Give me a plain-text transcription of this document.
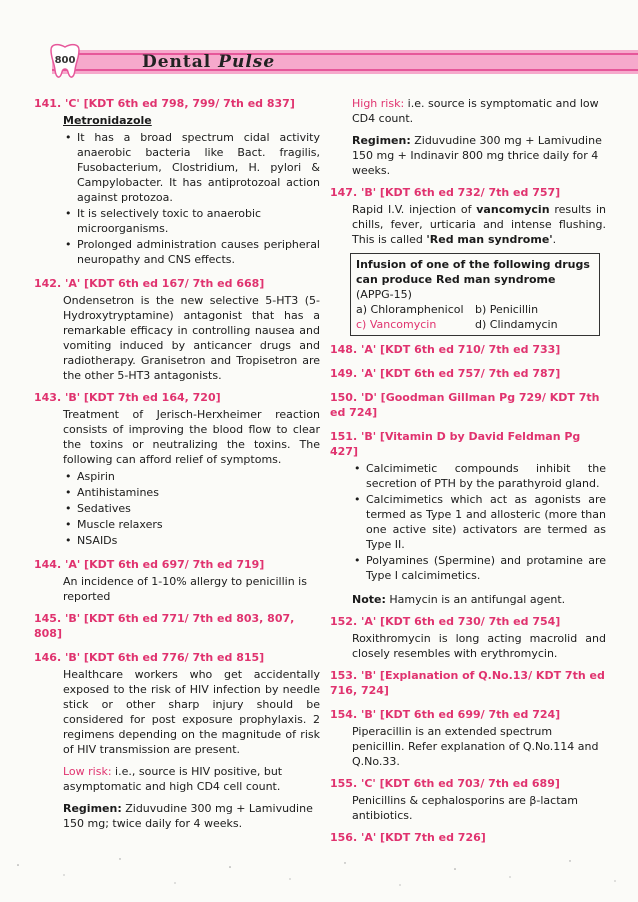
800	Dental Pulse
141. 'C' [KDT 6th ed 798, 799/ 7th ed 837]

Metronidazole

• It has a broad spectrum cidal activity anaerobic bacteria like Bact. fragilis, Fusobacterium, Clostridium, H. pylori & Campylobacter. It has antiprotozoal action against protozoa.
• It is selectively toxic to anaerobic microorganisms.
• Prolonged administration causes peripheral neuropathy and CNS effects.
142. 'A' [KDT 6th ed 167/ 7th ed 668]

Ondensetron is the new selective 5-HT3 (5-Hydroxytryptamine) antagonist that has a remarkable efficacy in controlling nausea and vomiting induced by anticancer drugs and radiotherapy. Granisetron and Tropisetron are the other 5-HT3 antagonists.

143. 'B' [KDT 7th ed 164, 720]

Treatment of Jerisch-Herxheimer reaction consists of improving the blood flow to clear the toxins or neutralizing the toxins. The following can afford relief of symptoms.

• Aspirin
• Antihistamines
• Sedatives
• Muscle relaxers
• NSAIDs
144. 'A' [KDT 6th ed 697/ 7th ed 719]

An incidence of 1-10% allergy to penicillin is reported

145. 'B' [KDT 6th ed 771/ 7th ed 803, 807, 808]
146. 'B' [KDT 6th ed 776/ 7th ed 815]

Healthcare workers who get accidentally exposed to the risk of HIV infection by needle stick or other sharp injury should be considered for post exposure prophylaxis. 2 regimens depending on the magnitude of risk of HIV transmission are present.

Low risk: i.e., source is HIV positive, but asymptomatic and high CD4 cell count.

Regimen: Ziduvudine 300 mg + Lamivudine 150 mg; twice daily for 4 weeks.

High risk: i.e. source is symptomatic and low CD4 count.

Regimen: Ziduvudine 300 mg + Lamivudine 150 mg + Indinavir 800 mg thrice daily for 4 weeks.

147. 'B' [KDT 6th ed 732/ 7th ed 757]

Rapid I.V. injection of vancomycin results in chills, fever, urticaria and intense flushing. This is called 'Red man syndrome'.

Infusion of one of the following drugs can produce Red man syndrome (APPG-15)

a) Chloramphenicol	b) Penicillin
c) Vancomycin	d) Clindamycin
148. 'A' [KDT 6th ed 710/ 7th ed 733]
149. 'A' [KDT 6th ed 757/ 7th ed 787]
150. 'D' [Goodman Gillman Pg 729/ KDT 7th ed 724]
151. 'B' [Vitamin D by David Feldman Pg 427]
• Calcimimetic compounds inhibit the secretion of PTH by the parathyroid gland.
• Calcimimetics which act as agonists are termed as Type 1 and allosteric (more than one active site) activators are termed as Type II.
• Polyamines (Spermine) and protamine are Type I calcimimetics.

Note: Hamycin is an antifungal agent.

152. 'A' [KDT 6th ed 730/ 7th ed 754]

Roxithromycin is long acting macrolid and closely resembles with erythromycin.

153. 'B' [Explanation of Q.No.13/ KDT 7th ed 716, 724]
154. 'B' [KDT 6th ed 699/ 7th ed 724]

Piperacillin is an extended spectrum penicillin. Refer explanation of Q.No.114 and Q.No.33.

155. 'C' [KDT 6th ed 703/ 7th ed 689]

Penicillins & cephalosporins are β-lactam antibiotics.

156. 'A' [KDT 7th ed 726]
